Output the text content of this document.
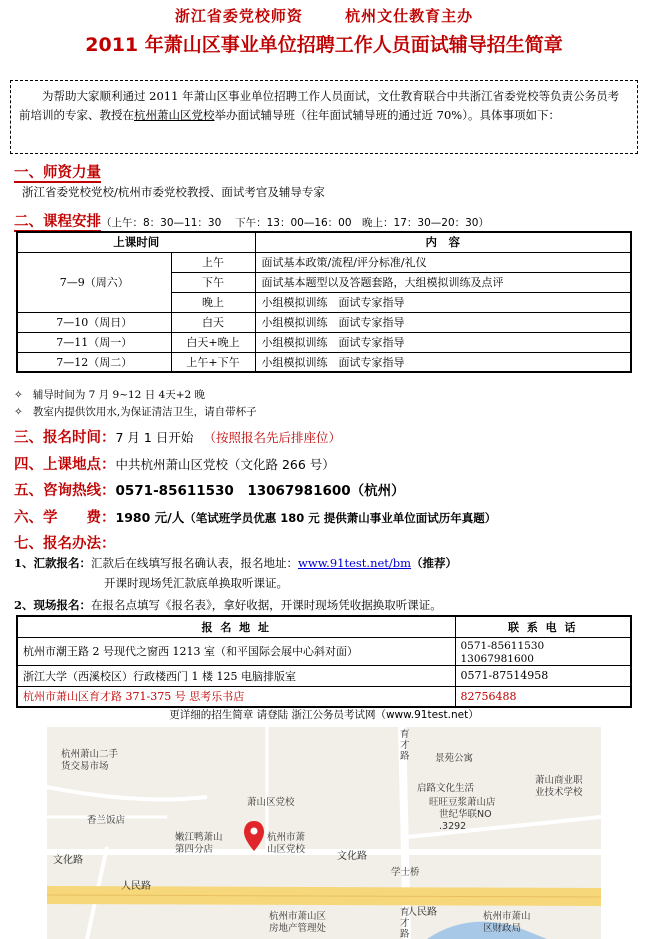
浙江省委党校师资	杭州文仕教育主办
2011 年萧山区事业单位招聘工作人员面试辅导招生简章
为帮助大家顺利通过 2011 年萧山区事业单位招聘工作人员面试，文仕教育联合中共浙江省委党校等负责公务员考前培训的专家、教授在杭州萧山区党校举办面试辅导班（往年面试辅导班的通过近 70%）。具体事项如下：
一、师资力量
浙江省委党校党校/杭州市委党校教授、面试考官及辅导专家
二、课程安排（上午：8：30—11：30　 下午：13：00—16：00　晚上：17：30—20：30）
上课时间		内　容
7—9（周六）	上午	面试基本政策/流程/评分标准/礼仪
	下午	面试基本题型以及答题套路，大组模拟训练及点评
	晚上	小组模拟训练　面试专家指导
7—10（周日）	白天	小组模拟训练　面试专家指导
7—11（周一）	白天+晚上	小组模拟训练　面试专家指导
7—12（周二）	上午+下午	小组模拟训练　面试专家指导
✧ 辅导时间为 7 月 9~12 日 4天+2 晚
✧ 教室内提供饮用水,为保证清洁卫生，请自带杯子
三、报名时间：7 月 1 日开始 （按照报名先后排座位）
四、上课地点：中共杭州萧山区党校（文化路 266 号）
五、咨询热线：0571-85611530　13067981600（杭州）
六、学　　费：1980 元/人（笔试班学员优惠 180 元 提供萧山事业单位面试历年真题）
七、报名办法：
1、汇款报名：汇款后在线填写报名确认表，报名地址：www.91test.net/bm（推荐）
开课时现场凭汇款底单换取听课证。
2、现场报名：在报名点填写《报名表》，拿好收据，开课时现场凭收据换取听课证。
报 名 地 址	联 系 电 话
杭州市潮王路 2 号现代之窗西 1213 室（和平国际会展中心斜对面）	0571-85611530　13067981600
浙江大学（西溪校区）行政楼西门 1 楼 125 电脑排版室	0571-87514958
杭州市萧山区育才路 371-375 号 思考乐书店	82756488
更详细的招生简章 请登陆 浙江公务员考试网（www.91test.net）
杭州萧山二手
货交易市场
香兰饭店
萧山区党校
嫩江鸭萧山
第四分店
杭州市萧
山区党校
文化路	文化路
人民路
人民路
育
才
路	景苑公寓
启路文化生活
旺旺豆浆萧山店
世纪华联NO
.3292
学士桥
萧山商业职
业技术学校
杭州市萧山区
房地产管理处
杭州市萧山
区财政局
育
才
路
